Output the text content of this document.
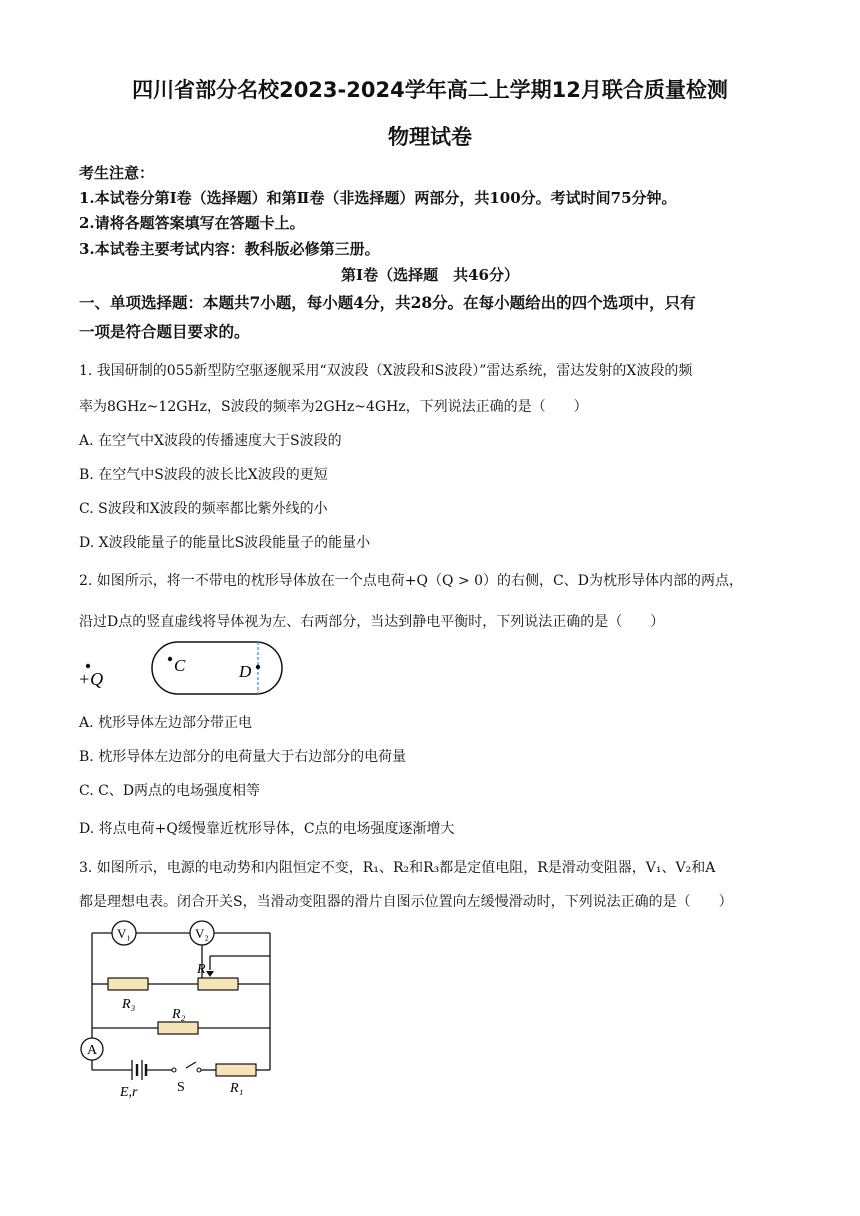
四川省部分名校2023-2024学年高二上学期12月联合质量检测
物理试卷
考生注意：
1.本试卷分第Ⅰ卷（选择题）和第Ⅱ卷（非选择题）两部分，共100分。考试时间75分钟。
2.请将各题答案填写在答题卡上。
3.本试卷主要考试内容：教科版必修第三册。
第Ⅰ卷（选择题　共46分）
一、单项选择题：本题共7小题，每小题4分，共28分。在每小题给出的四个选项中，只有
一项是符合题目要求的。
1. 我国研制的055新型防空驱逐舰采用“双波段（X波段和S波段）”雷达系统，雷达发射的X波段的频
率为8GHz~12GHz，S波段的频率为2GHz~4GHz，下列说法正确的是（　　）
A. 在空气中X波段的传播速度大于S波段的
B. 在空气中S波段的波长比X波段的更短
C. S波段和X波段的频率都比紫外线的小
D. X波段能量子的能量比S波段能量子的能量小
2. 如图所示，将一不带电的枕形导体放在一个点电荷+Q（Q > 0）的右侧，C、D为枕形导体内部的两点，
沿过D点的竖直虚线将导体视为左、右两部分，当达到静电平衡时，下列说法正确的是（　　）
+Q
C	D
A. 枕形导体左边部分带正电
B. 枕形导体左边部分的电荷量大于右边部分的电荷量
C. C、D两点的电场强度相等
D. 将点电荷+Q缓慢靠近枕形导体，C点的电场强度逐渐增大
3. 如图所示，电源的电动势和内阻恒定不变，R₁、R₂和R₃都是定值电阻，R是滑动变阻器，V₁、V₂和A
都是理想电表。闭合开关S，当滑动变阻器的滑片自图示位置向左缓慢滑动时，下列说法正确的是（　　）
V₁	V₂
R₃
R
R₂
A
E,r	S	R₁
